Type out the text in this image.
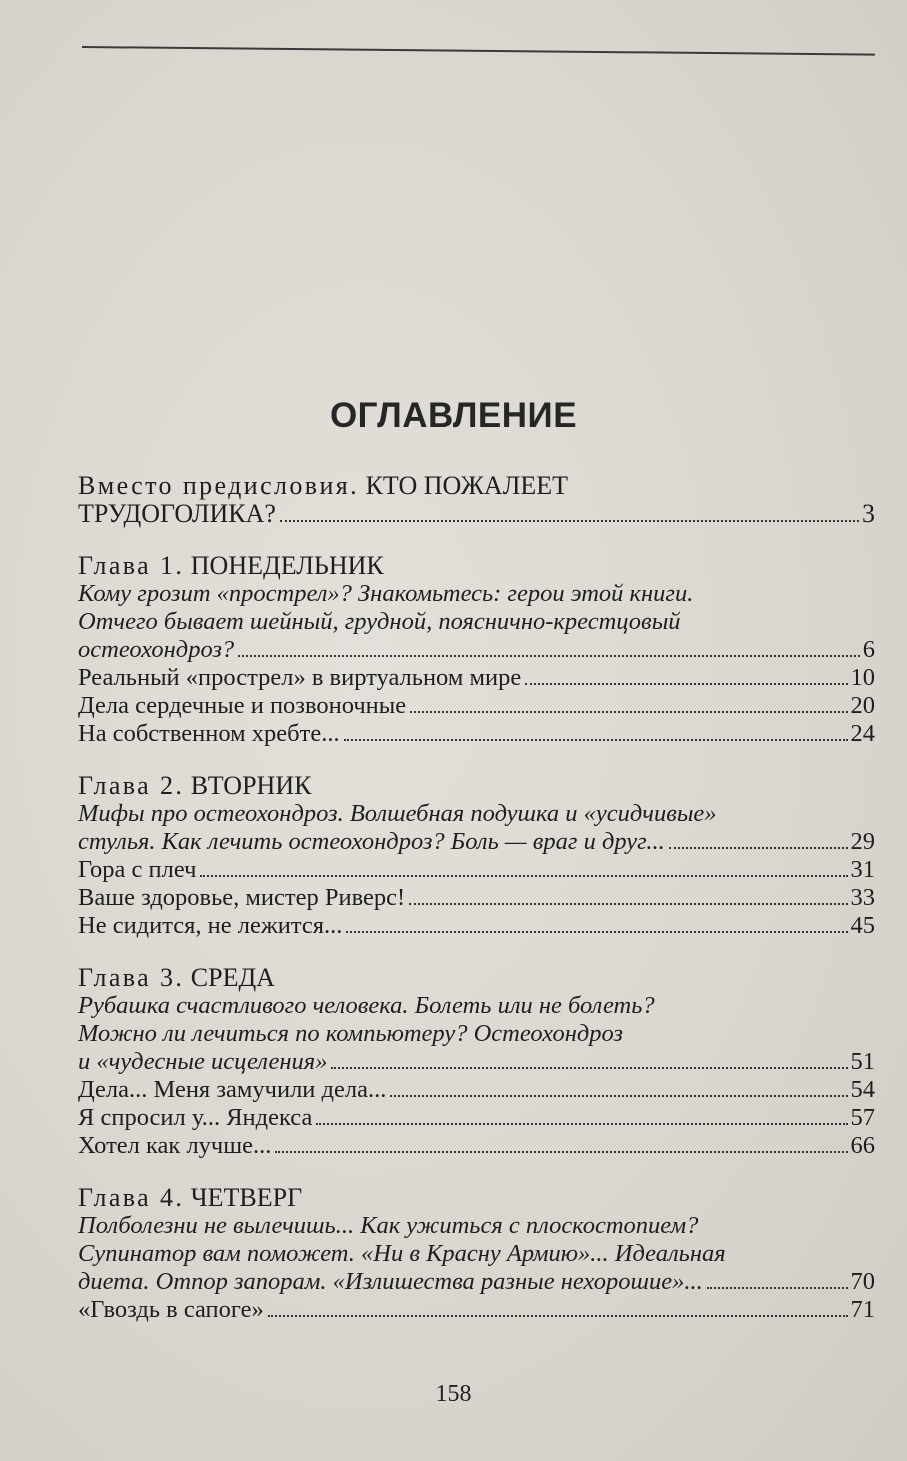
ОГЛАВЛЕНИЕ
Вместо предисловия. КТО ПОЖАЛЕЕТ
ТРУДОГОЛИКА?	3
Глава 1. ПОНЕДЕЛЬНИК
Кому грозит «прострел»? Знакомьтесь: герои этой книги.
Отчего бывает шейный, грудной, пояснично-крестцовый
остеохондроз?	6
Реальный «прострел» в виртуальном мире	10
Дела сердечные и позвоночные	20
На собственном хребте...	24
Глава 2. ВТОРНИК
Мифы про остеохондроз. Волшебная подушка и «усидчивые»
стулья. Как лечить остеохондроз? Боль — враг и друг...	29
Гора с плеч	31
Ваше здоровье, мистер Риверс!	33
Не сидится, не лежится...	45
Глава 3. СРЕДА
Рубашка счастливого человека. Болеть или не болеть?
Можно ли лечиться по компьютеру? Остеохондроз
и «чудесные исцеления»	51
Дела... Меня замучили дела...	54
Я спросил у... Яндекса	57
Хотел как лучше...	66
Глава 4. ЧЕТВЕРГ
Полболезни не вылечишь... Как ужиться с плоскостопием?
Супинатор вам поможет. «Ни в Красну Армию»... Идеальная
диета. Отпор запорам. «Излишества разные нехорошие»...	70
«Гвоздь в сапоге»	71
158
